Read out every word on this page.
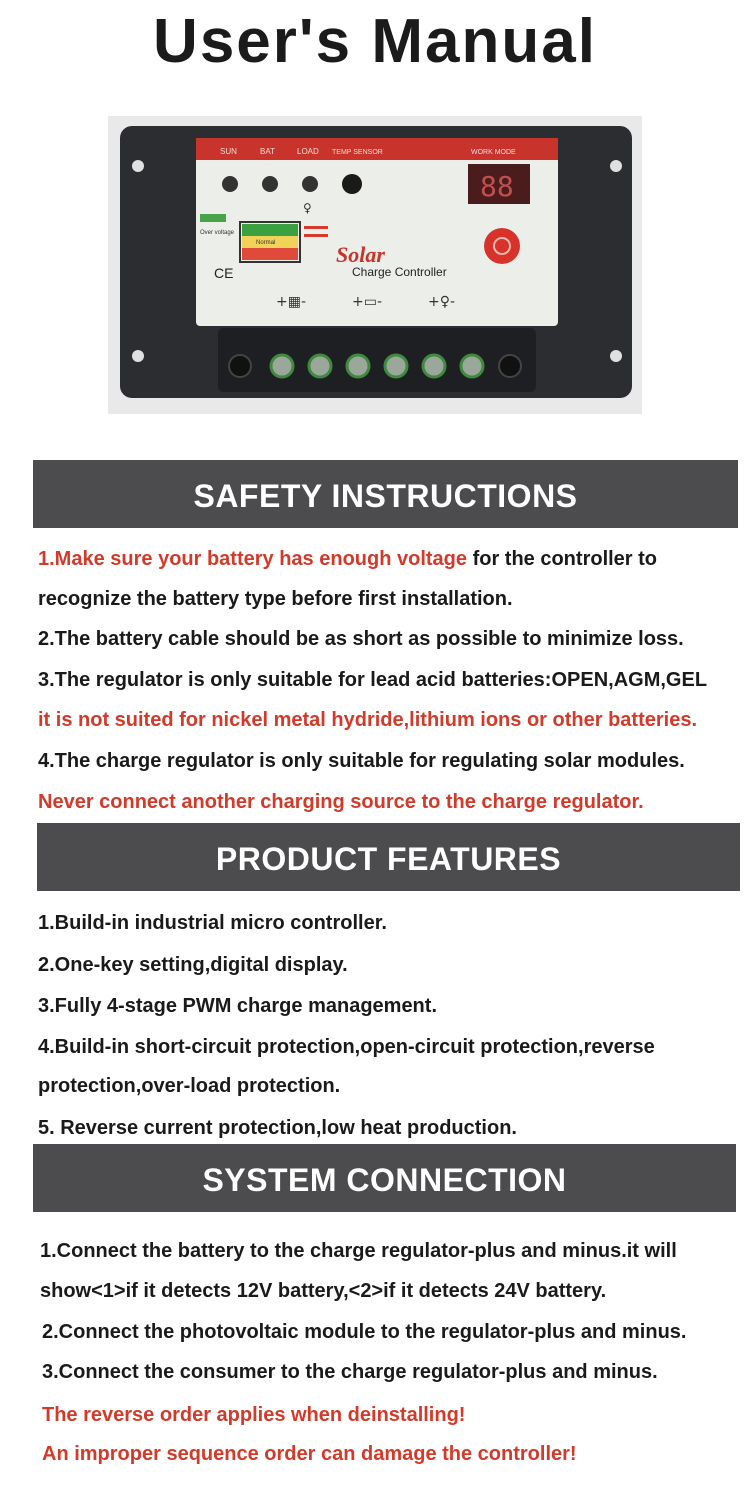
User's Manual
SUN	BAT	LOAD TEMP SENSOR	WORK MODE
88
Over voltage
Normal
♀
Solar
Charge Controller
CE
+▦-	+▭-	+♀-
SAFETY INSTRUCTIONS
1.Make sure your battery has enough voltage for the controller to
recognize the battery type before first installation.
2.The battery cable should be as short as possible to minimize loss.
3.The regulator is only suitable for lead acid batteries:OPEN,AGM,GEL
it is not suited for nickel metal hydride,lithium ions or other batteries.
4.The charge regulator is only suitable for regulating solar modules.
Never connect another charging source to the charge regulator.
PRODUCT FEATURES
1.Build-in industrial micro controller.
2.One-key setting,digital display.
3.Fully 4-stage PWM charge management.
4.Build-in short-circuit protection,open-circuit protection,reverse
protection,over-load protection.
5. Reverse current protection,low heat production.
SYSTEM CONNECTION
1.Connect the battery to the charge regulator-plus and minus.it will
show<1>if it detects 12V battery,<2>if it detects 24V battery.
2.Connect the photovoltaic module to the regulator-plus and minus.
3.Connect the consumer to the charge regulator-plus and minus.
The reverse order applies when deinstalling!
An improper sequence order can damage the controller!
